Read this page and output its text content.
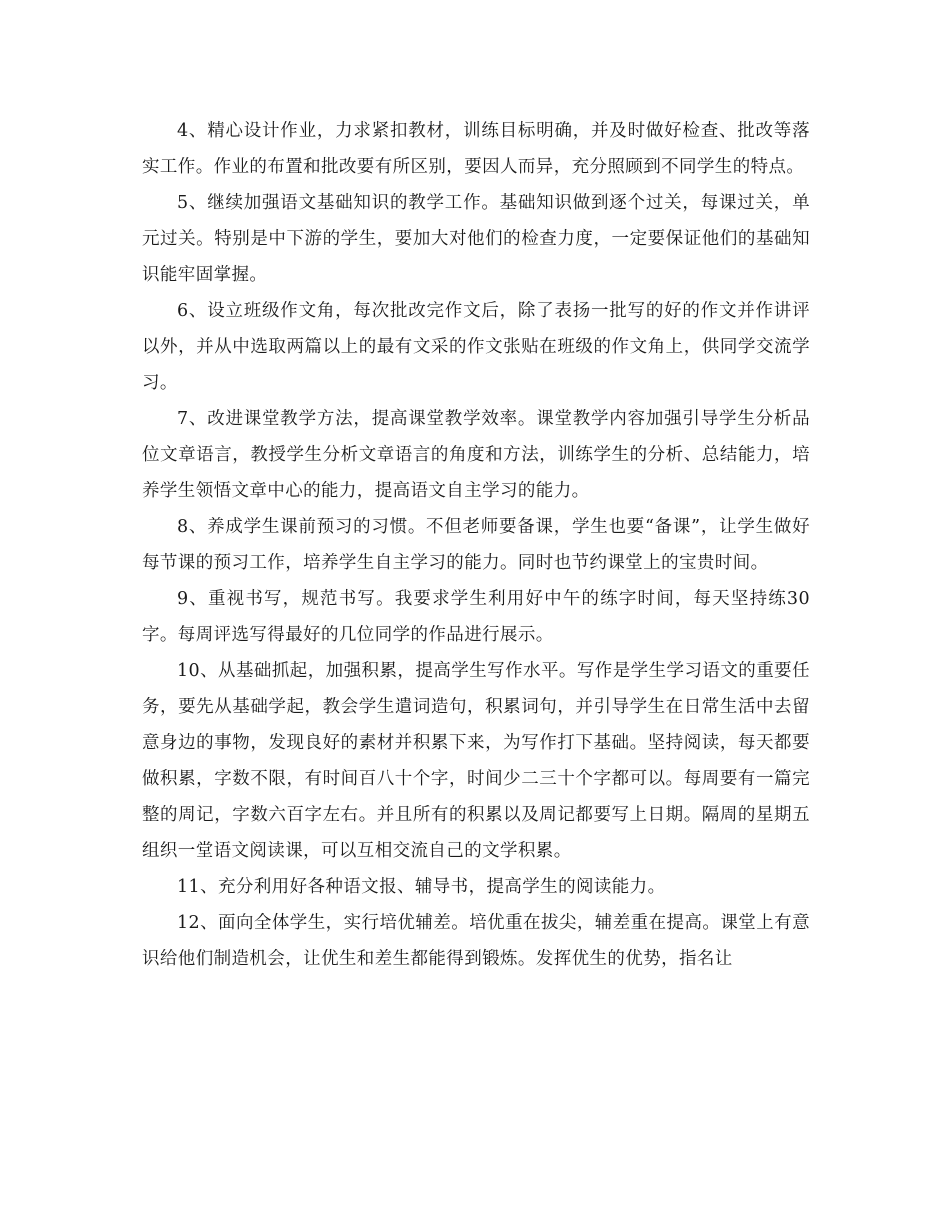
4、精心设计作业，力求紧扣教材，训练目标明确，并及时做好检查、批改等落实工作。作业的布置和批改要有所区别，要因人而异，充分照顾到不同学生的特点。

5、继续加强语文基础知识的教学工作。基础知识做到逐个过关，每课过关，单元过关。特别是中下游的学生，要加大对他们的检查力度，一定要保证他们的基础知识能牢固掌握。

6、设立班级作文角，每次批改完作文后，除了表扬一批写的好的作文并作讲评以外，并从中选取两篇以上的最有文采的作文张贴在班级的作文角上，供同学交流学习。

7、改进课堂教学方法，提高课堂教学效率。课堂教学内容加强引导学生分析品位文章语言，教授学生分析文章语言的角度和方法，训练学生的分析、总结能力，培养学生领悟文章中心的能力，提高语文自主学习的能力。

8、养成学生课前预习的习惯。不但老师要备课，学生也要“备课”，让学生做好每节课的预习工作，培养学生自主学习的能力。同时也节约课堂上的宝贵时间。

9、重视书写，规范书写。我要求学生利用好中午的练字时间，每天坚持练30字。每周评选写得最好的几位同学的作品进行展示。

10、从基础抓起，加强积累，提高学生写作水平。写作是学生学习语文的重要任务，要先从基础学起，教会学生遣词造句，积累词句，并引导学生在日常生活中去留意身边的事物，发现良好的素材并积累下来，为写作打下基础。坚持阅读，每天都要做积累，字数不限，有时间百八十个字，时间少二三十个字都可以。每周要有一篇完整的周记，字数六百字左右。并且所有的积累以及周记都要写上日期。隔周的星期五组织一堂语文阅读课，可以互相交流自己的文学积累。

11、充分利用好各种语文报、辅导书，提高学生的阅读能力。

12、面向全体学生，实行培优辅差。培优重在拔尖，辅差重在提高。课堂上有意识给他们制造机会，让优生和差生都能得到锻炼。发挥优生的优势，指名让
